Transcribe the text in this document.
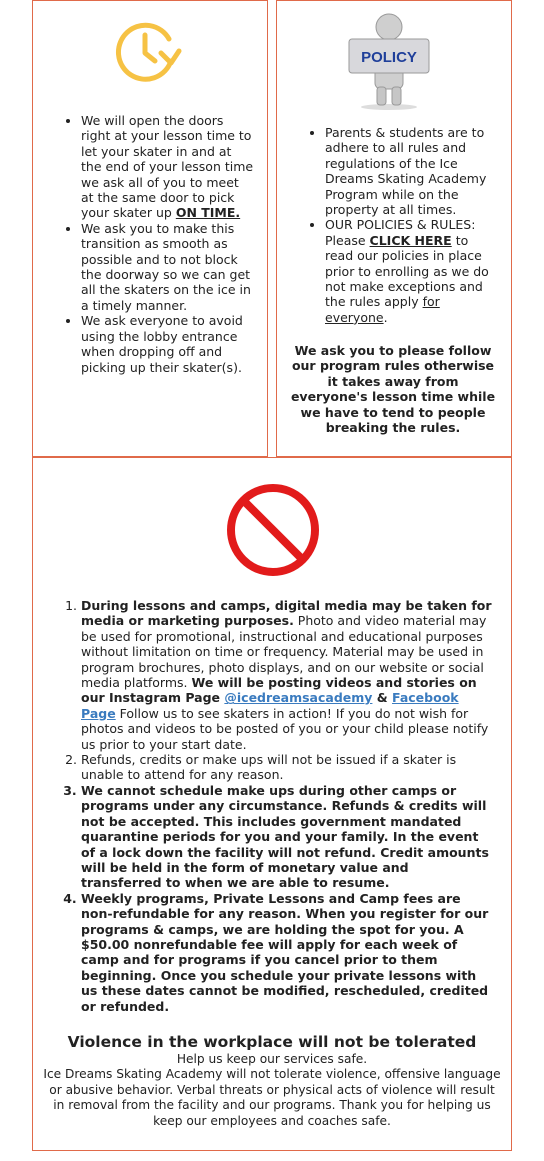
• We will open the doors right at your lesson time to let your skater in and at the end of your lesson time we ask all of you to meet at the same door to pick your skater up ON TIME.
• We ask you to make this transition as smooth as possible and to not block the doorway so we can get all the skaters on the ice in a timely manner.
• We ask everyone to avoid using the lobby entrance when dropping off and picking up their skater(s).
POLICY
• Parents & students are to adhere to all rules and regulations of the Ice Dreams Skating Academy Program while on the property at all times.
• OUR POLICIES & RULES: Please CLICK HERE to read our policies in place prior to enrolling as we do not make exceptions and the rules apply for everyone.
We ask you to please follow our program rules otherwise it takes away from everyone's lesson time while we have to tend to people breaking the rules.
1. During lessons and camps, digital media may be taken for media or marketing purposes. Photo and video material may be used for promotional, instructional and educational purposes without limitation on time or frequency. Material may be used in program brochures, photo displays, and on our website or social media platforms. We will be posting videos and stories on our Instagram Page @icedreamsacademy & Facebook Page Follow us to see skaters in action! If you do not wish for photos and videos to be posted of you or your child please notify us prior to your start date.
2. Refunds, credits or make ups will not be issued if a skater is unable to attend for any reason.
3. We cannot schedule make ups during other camps or programs under any circumstance. Refunds & credits will not be accepted. This includes government mandated quarantine periods for you and your family. In the event of a lock down the facility will not refund. Credit amounts will be held in the form of monetary value and transferred to when we are able to resume.
4. Weekly programs, Private Lessons and Camp fees are non-refundable for any reason. When you register for our programs & camps, we are holding the spot for you. A $50.00 nonrefundable fee will apply for each week of camp and for programs if you cancel prior to them beginning. Once you schedule your private lessons with us these dates cannot be modified, rescheduled, credited or refunded.
Violence in the workplace will not be tolerated
Help us keep our services safe.
Ice Dreams Skating Academy will not tolerate violence, offensive language or abusive behavior. Verbal threats or physical acts of violence will result in removal from the facility and our programs. Thank you for helping us keep our employees and coaches safe.
